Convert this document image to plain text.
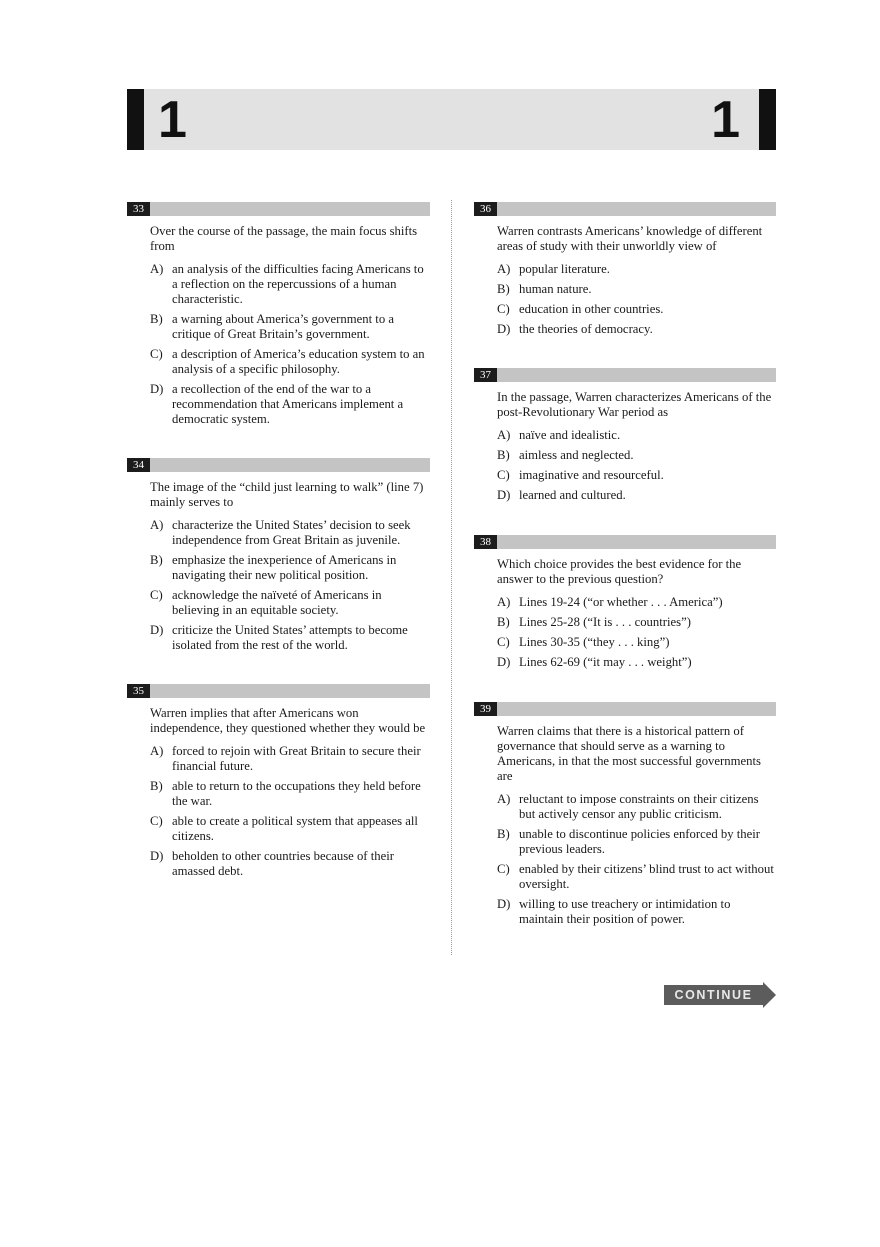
1	1
33

Over the course of the passage, the main focus shifts from

A) an analysis of the difficulties facing Americans to a reflection on the repercussions of a human characteristic.
B) a warning about America’s government to a critique of Great Britain’s government.
C) a description of America’s education system to an analysis of a specific philosophy.
D) a recollection of the end of the war to a recommendation that Americans implement a democratic system.
34

The image of the “child just learning to walk” (line 7) mainly serves to

A) characterize the United States’ decision to seek independence from Great Britain as juvenile.
B) emphasize the inexperience of Americans in navigating their new political position.
C) acknowledge the naïveté of Americans in believing in an equitable society.
D) criticize the United States’ attempts to become isolated from the rest of the world.
35

Warren implies that after Americans won independence, they questioned whether they would be

A) forced to rejoin with Great Britain to secure their financial future.
B) able to return to the occupations they held before the war.
C) able to create a political system that appeases all citizens.
D) beholden to other countries because of their amassed debt.
36

Warren contrasts Americans’ knowledge of different areas of study with their unworldly view of

A) popular literature.
B) human nature.
C) education in other countries.
D) the theories of democracy.
37

In the passage, Warren characterizes Americans of the post-Revolutionary War period as

A) naïve and idealistic.
B) aimless and neglected.
C) imaginative and resourceful.
D) learned and cultured.
38

Which choice provides the best evidence for the answer to the previous question?

A) Lines 19-24 (“or whether . . . America”)
B) Lines 25-28 (“It is . . . countries”)
C) Lines 30-35 (“they . . . king”)
D) Lines 62-69 (“it may . . . weight”)
39

Warren claims that there is a historical pattern of governance that should serve as a warning to Americans, in that the most successful governments are

A) reluctant to impose constraints on their citizens but actively censor any public criticism.
B) unable to discontinue policies enforced by their previous leaders.
C) enabled by their citizens’ blind trust to act without oversight.
D) willing to use treachery or intimidation to maintain their position of power.
CONTINUE
